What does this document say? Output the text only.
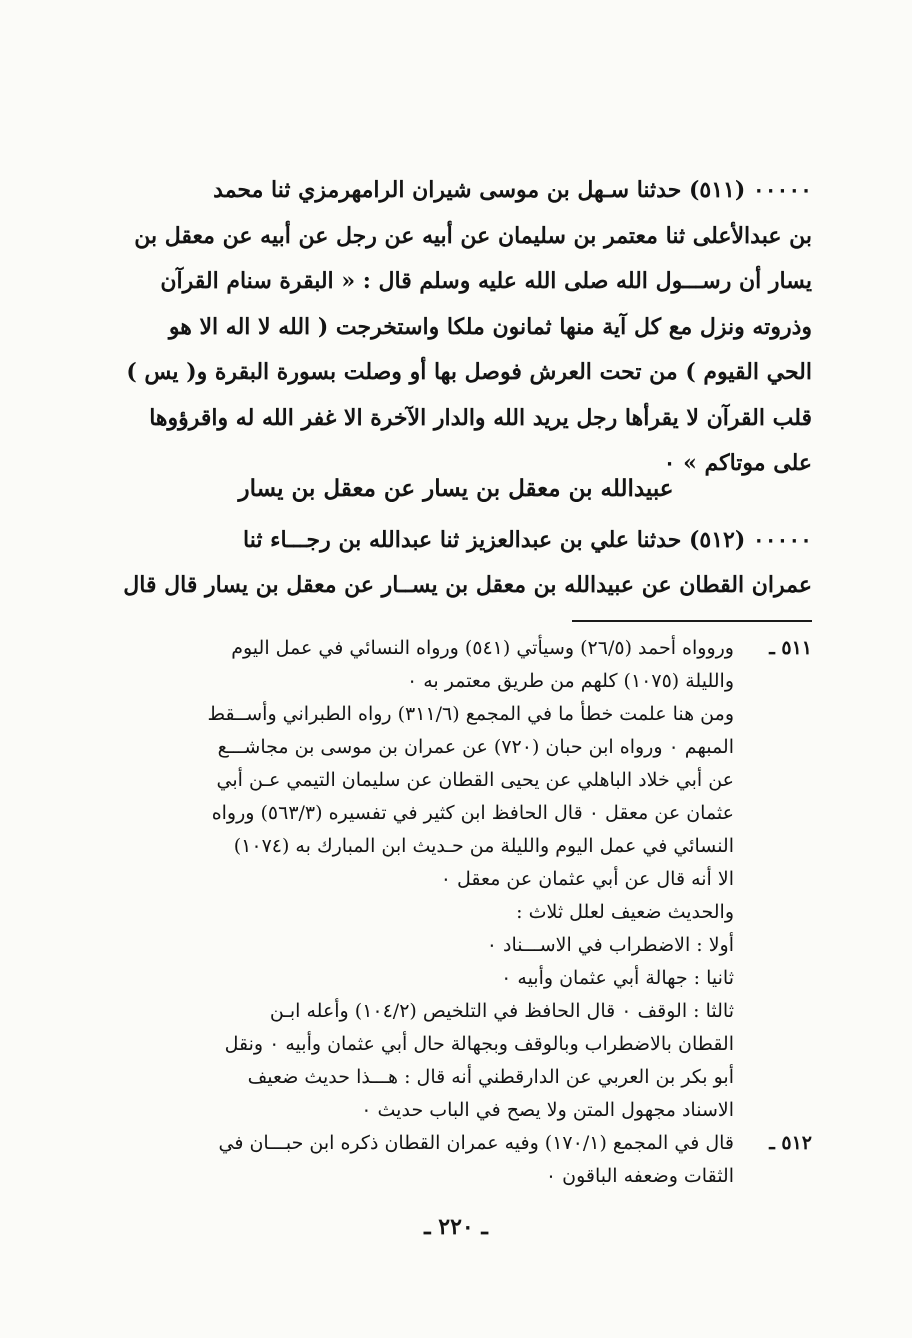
٠٠٠٠٠ (٥١١) حدثنا سـهل بن موسى شيران الرامهرمزي ثنا محمد
بن عبدالأعلى ثنا معتمر بن سليمان عن أبيه عن رجل عن أبيه عن معقل بن
يسار أن رســـول الله صلى الله عليه وسلم قال : « البقرة سنام القرآن
وذروته ونزل مع كل آية منها ثمانون ملكا واستخرجت ( الله لا اله الا هو
الحي القيوم ) من تحت العرش فوصل بها أو وصلت بسورة البقرة و( يس )
قلب القرآن لا يقرأها رجل يريد الله والدار الآخرة الا غفر الله له واقرؤوها
على موتاكم » ٠
عبيدالله بن معقل بن يسار عن معقل بن يسار
٠٠٠٠٠ (٥١٢) حدثنا علي بن عبدالعزيز ثنا عبدالله بن رجـــاء ثنا
عمران القطان عن عبيدالله بن معقل بن يســار عن معقل بن يسار قال قال
٥١١ ـوروواه أحمد (٢٦/٥) وسيأتي (٥٤١) ورواه النسائي في عمل اليوم
والليلة (١٠٧٥) كلهم من طريق معتمر به ٠
ومن هنا علمت خطأ ما في المجمع (٣١١/٦) رواه الطبراني وأســقط
المبهم ٠ ورواه ابن حبان (٧٢٠) عن عمران بن موسى بن مجاشـــع
عن أبي خلاد الباهلي عن يحيى القطان عن سليمان التيمي عـن أبي
عثمان عن معقل ٠ قال الحافظ ابن كثير في تفسيره (٥٦٣/٣) ورواه
النسائي في عمل اليوم والليلة من حـديث ابن المبارك به (١٠٧٤)
الا أنه قال عن أبي عثمان عن معقل ٠
والحديث ضعيف لعلل ثلاث :
أولا : الاضطراب في الاســـناد ٠
ثانيا : جهالة أبي عثمان وأبيه ٠
ثالثا : الوقف ٠ قال الحافظ في التلخيص (١٠٤/٢) وأعله ابـن
القطان بالاضطراب وبالوقف وبجهالة حال أبي عثمان وأبيه ٠ ونقل
أبو بكر بن العربي عن الدارقطني أنه قال : هـــذا حديث ضعيف
الاسناد مجهول المتن ولا يصح في الباب حديث ٠
٥١٢ ـقال في المجمع (١٧٠/١) وفيه عمران القطان ذكره ابن حبـــان في
الثقات وضعفه الباقون ٠
ـ ٢٢٠ ـ
